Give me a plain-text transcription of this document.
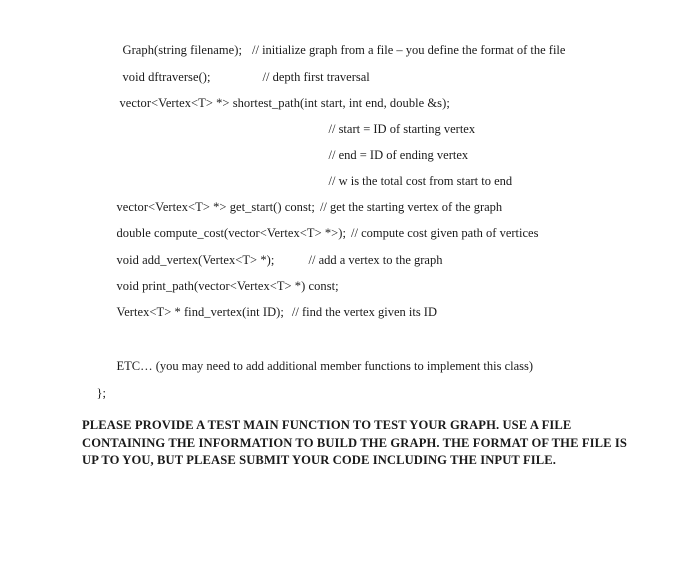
Graph(string filename); // initialize graph from a file – you define the format of the file

void dftraverse();
	// depth first traversal

vector<Vertex<T> *> shortest_path(int start, int end, double &s);

// start = ID of starting vertex

// end = ID of ending vertex

// w is the total cost from start to end

vector<Vertex<T> *> get_start() const; // get the starting vertex of the graph

double compute_cost(vector<Vertex<T> *>); // compute cost given path of vertices

void add_vertex(Vertex<T> *);
	// add a vertex to the graph

void print_path(vector<Vertex<T> *) const;

Vertex<T> * find_vertex(int ID); // find the vertex given its ID

ETC… (you may need to add additional member functions to implement this class)

};

PLEASE PROVIDE A TEST MAIN FUNCTION TO TEST YOUR GRAPH. USE A FILE CONTAINING THE INFORMATION TO BUILD THE GRAPH. THE FORMAT OF THE FILE IS UP TO YOU, BUT PLEASE SUBMIT YOUR CODE INCLUDING THE INPUT FILE.
